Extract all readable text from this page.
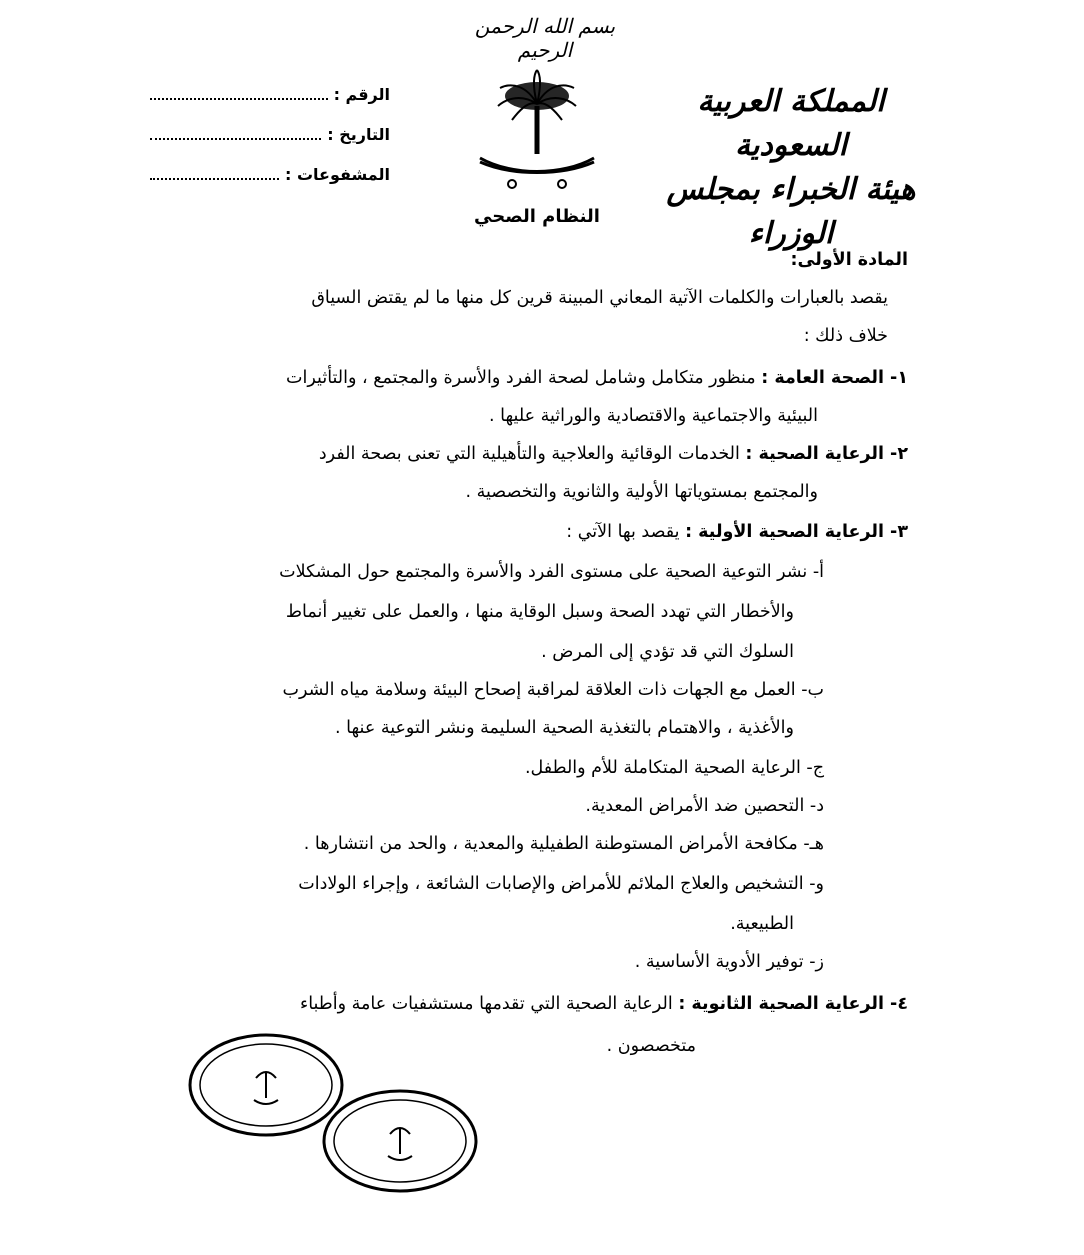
بسم الله الرحمن الرحيم
المملكة العربية السعودية
هيئة الخبراء بمجلس الوزراء
الرقم :
التاريخ :
المشفوعات :
النظام الصحي
المادة الأولى:
يقصد بالعبارات والكلمات الآتية المعاني المبينة قرين كل منها ما لم يقتض السياق
خلاف ذلك :
١- الصحة العامة : منظور متكامل وشامل لصحة الفرد والأسرة والمجتمع ، والتأثيرات
البيئية والاجتماعية والاقتصادية والوراثية عليها .
٢- الرعاية الصحية : الخدمات الوقائية والعلاجية والتأهيلية التي تعنى بصحة الفرد
والمجتمع بمستوياتها الأولية والثانوية والتخصصية .
٣- الرعاية الصحية الأولية : يقصد بها الآتي :
أ- نشر التوعية الصحية على مستوى الفرد والأسرة والمجتمع حول المشكلات
والأخطار التي تهدد الصحة وسبل الوقاية منها ، والعمل على تغيير أنماط
السلوك التي قد تؤدي إلى المرض .
ب- العمل مع الجهات ذات العلاقة لمراقبة إصحاح البيئة وسلامة مياه الشرب
والأغذية ، والاهتمام بالتغذية الصحية السليمة ونشر التوعية عنها .
ج- الرعاية الصحية المتكاملة للأم والطفل.
د- التحصين ضد الأمراض المعدية.
هـ- مكافحة الأمراض المستوطنة الطفيلية والمعدية ، والحد من انتشارها .
و- التشخيص والعلاج الملائم للأمراض والإصابات الشائعة ، وإجراء الولادات
الطبيعية.
ز- توفير الأدوية الأساسية .
٤- الرعاية الصحية الثانوية : الرعاية الصحية التي تقدمها مستشفيات عامة وأطباء
متخصصون .
